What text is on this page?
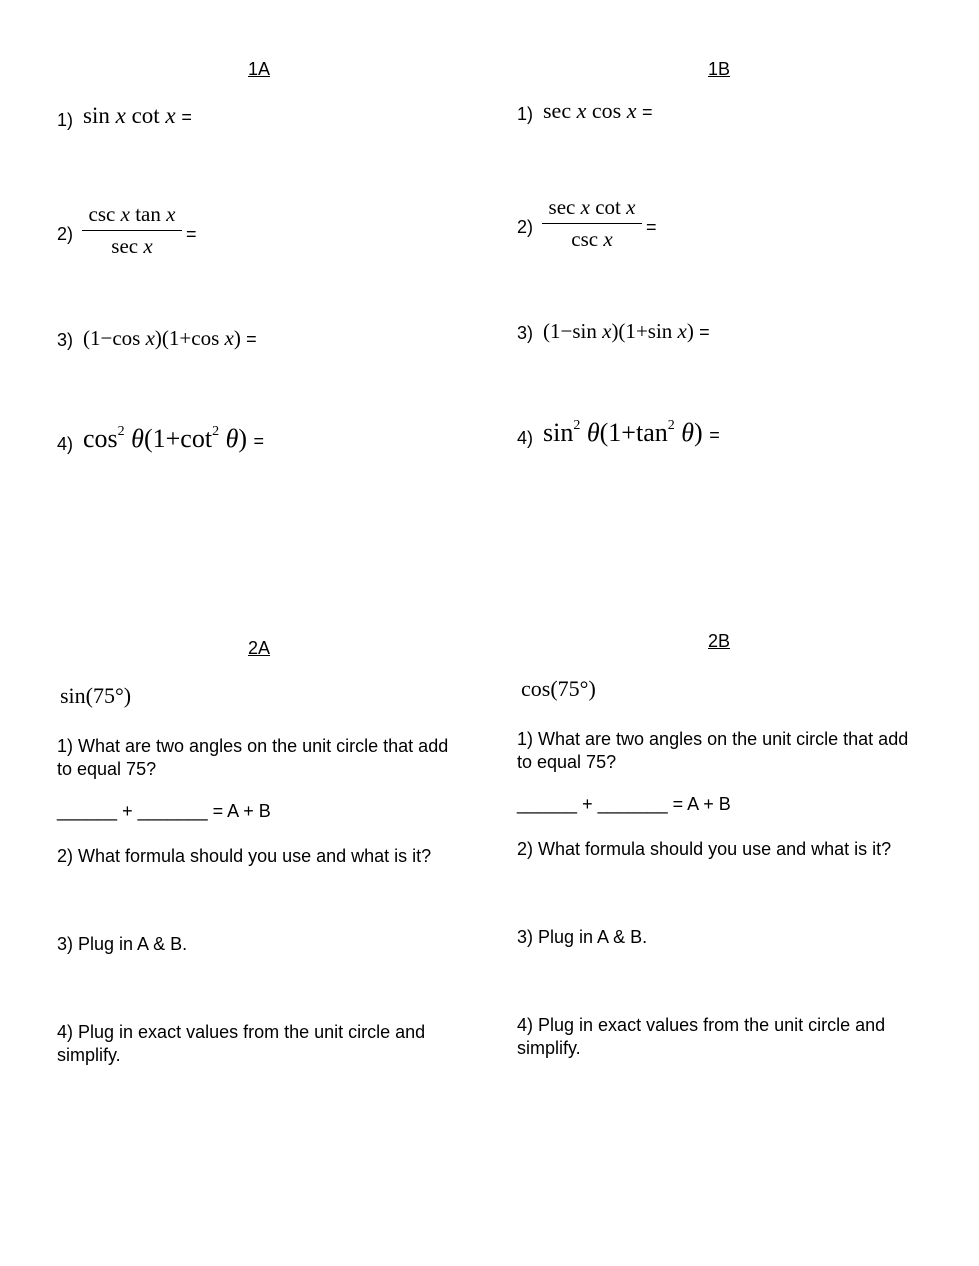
1A
1) sin x cot x =
2)
csc x tan x
sec x	=
3) (1−cos x)(1+cos x) =
4) $\cos^2 \theta(1+\cot^2$ θ) =
1B
1) sec x cos x =
2)
sec x cot x
csc x	=
3) (1−sin x)(1+sin x) =
4) $\sin^2 \theta(1+\tan^2$ θ) =
2A
sin(75°)
1) What are two angles on the unit circle that add to equal 75?
______ + _______ = A + B
2) What formula should you use and what is it?
3) Plug in A & B.
4) Plug in exact values from the unit circle and simplify.
2B
cos(75°)
1) What are two angles on the unit circle that add to equal 75?
______ + _______ = A + B
2) What formula should you use and what is it?
3) Plug in A & B.
4) Plug in exact values from the unit circle and simplify.
